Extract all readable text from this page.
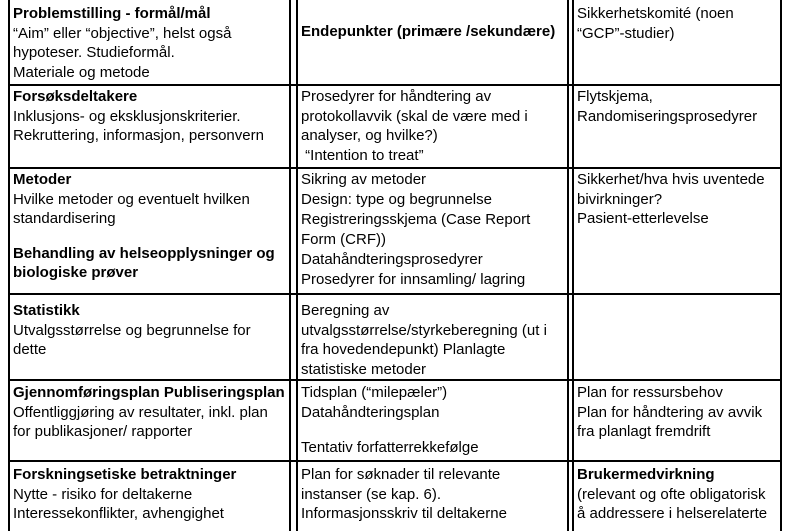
Problemstilling - formål/mål
“Aim” eller “objective”, helst også
hypoteser. Studieformål.
Materiale og metode
Endepunkter (primære /sekundære)
Sikkerhetskomité (noen
“GCP”-studier)
Forsøksdeltakere
Inklusjons- og eksklusjonskriterier.
Rekruttering, informasjon, personvern
Prosedyrer for håndtering av
protokollavvik (skal de være med i
analyser, og hvilke?)
“Intention to treat”
Flytskjema,
Randomiseringsprosedyrer
Metoder
Hvilke metoder og eventuelt hvilken
standardisering
Behandling av helseopplysninger og
biologiske prøver
Sikring av metoder
Design: type og begrunnelse
Registreringsskjema (Case Report
Form (CRF))
Datahåndteringsprosedyrer
Prosedyrer for innsamling/ lagring
Sikkerhet/hva hvis uventede
bivirkninger?
Pasient-etterlevelse
Statistikk
Utvalgsstørrelse og begrunnelse for
dette
Beregning av
utvalgsstørrelse/styrkeberegning (ut i
fra hovedendepunkt) Planlagte
statistiske metoder
Gjennomføringsplan Publiseringsplan
Offentliggjøring av resultater, inkl. plan
for publikasjoner/ rapporter
Tidsplan (“milepæler”)
Datahåndteringsplan
Tentativ forfatterrekkefølge
Plan for ressursbehov
Plan for håndtering av avvik
fra planlagt fremdrift
Forskningsetiske betraktninger
Nytte - risiko for deltakerne
Interessekonflikter, avhengighet
Plan for søknader til relevante
instanser (se kap. 6).
Informasjonsskriv til deltakerne
Brukermedvirkning
(relevant og ofte obligatorisk
å addressere i helserelaterte
